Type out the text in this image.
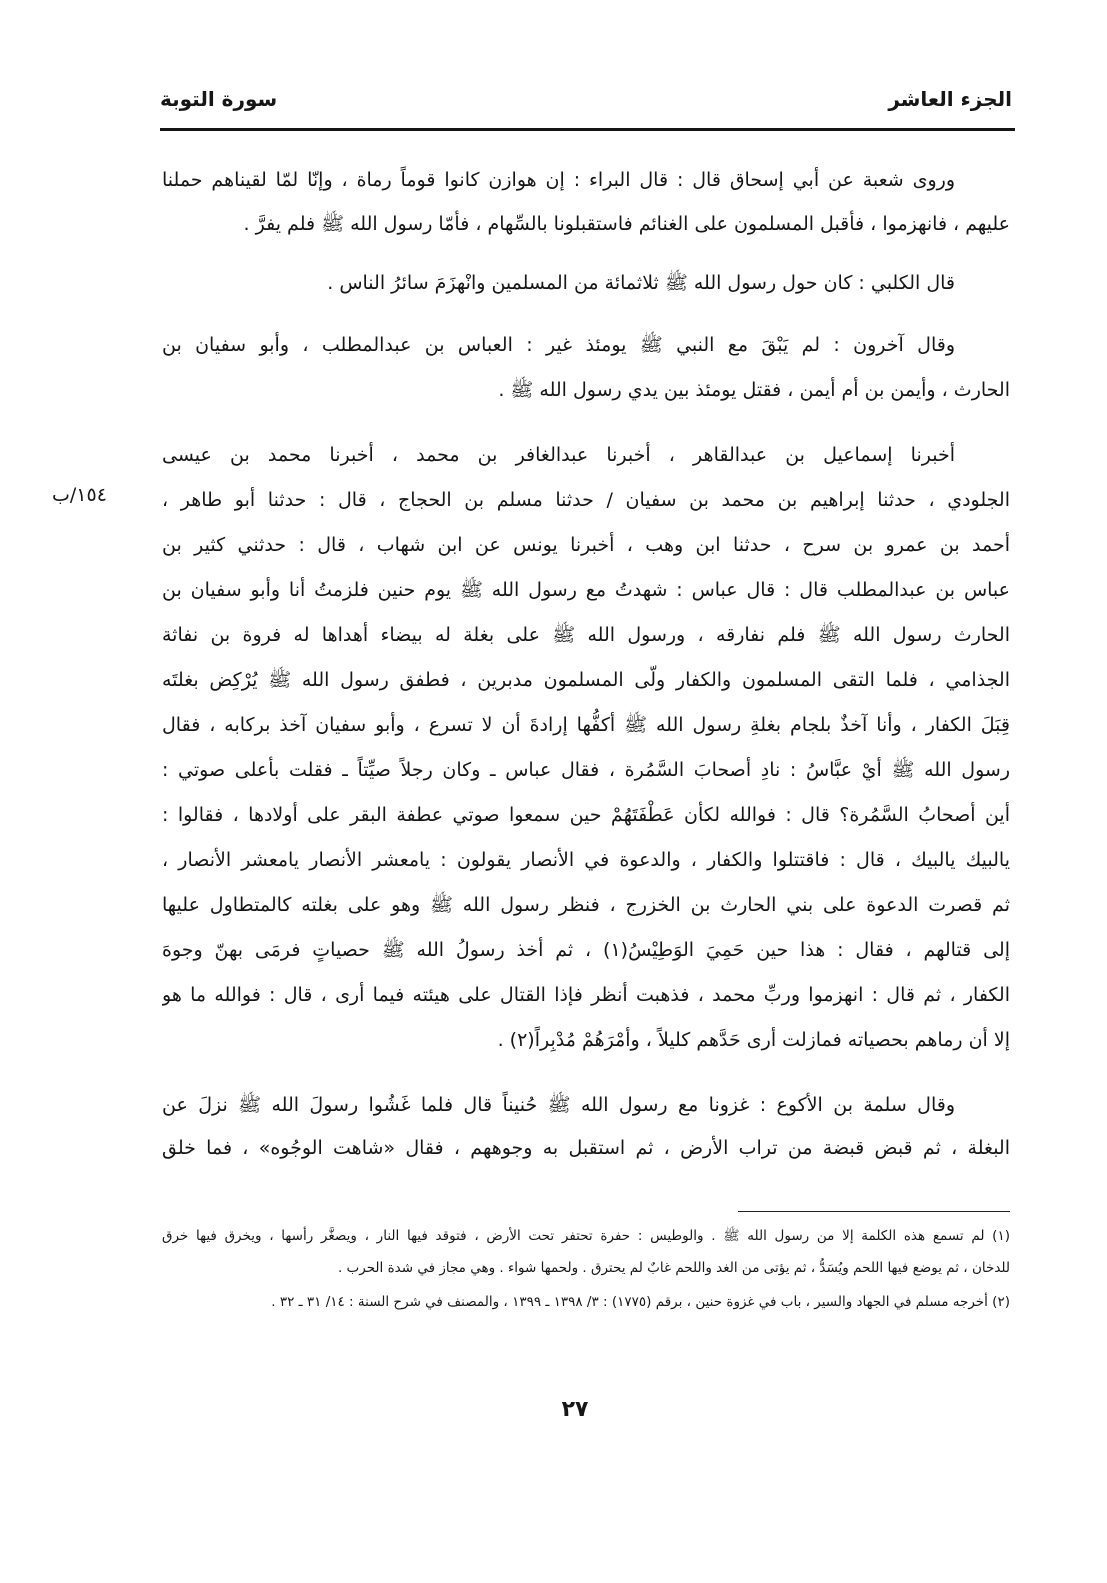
الجزء العاشر
سورة التوبة
١٥٤/ب
وروى شعبة عن أبي إسحاق قال : قال البراء : إن هوازن كانوا قوماً رماة ، وإنّا لمّا لقيناهم حملنا
عليهم ، فانهزموا ، فأقبل المسلمون على الغنائم فاستقبلونا بالسِّهام ، فأمّا رسول الله ﷺ فلم يفرَّ .
قال الكلبي : كان حول رسول الله ﷺ ثلاثمائة من المسلمين وانْهزَمَ سائرُ الناس .
وقال آخرون : لم يَبْقَ مع النبي ﷺ يومئذ غير : العباس بن عبدالمطلب ، وأبو سفيان بن
الحارث ، وأيمن بن أم أيمن ، فقتل يومئذ بين يدي رسول الله ﷺ .
أخبرنا إسماعيل بن عبدالقاهر ، أخبرنا عبدالغافر بن محمد ، أخبرنا محمد بن عيسى
الجلودي ، حدثنا إبراهيم بن محمد بن سفيان / حدثنا مسلم بن الحجاج ، قال : حدثنا أبو طاهر ،
أحمد بن عمرو بن سرح ، حدثنا ابن وهب ، أخبرنا يونس عن ابن شهاب ، قال : حدثني كثير بن
عباس بن عبدالمطلب قال : قال عباس : شهدتُ مع رسول الله ﷺ يوم حنين فلزمتُ أنا وأبو سفيان بن
الحارث رسول الله ﷺ فلم نفارقه ، ورسول الله ﷺ على بغلة له بيضاء أهداها له فروة بن نفاثة
الجذامي ، فلما التقى المسلمون والكفار ولّى المسلمون مدبرين ، فطفق رسول الله ﷺ يُرْكِض بغلتَه
قِبَلَ الكفار ، وأنا آخذٌ بلجام بغلةِ رسول الله ﷺ أكفُّها إرادةَ أن لا تسرع ، وأبو سفيان آخذ بركابه ، فقال
رسول الله ﷺ أيْ عبَّاسُ : نادِ أصحابَ السَّمُرة ، فقال عباس ـ وكان رجلاً صيِّتاً ـ فقلت بأعلى صوتي :
أين أصحابُ السَّمُرة؟ قال : فوالله لكأن عَطْفَتَهُمْ حين سمعوا صوتي عطفة البقر على أولادها ، فقالوا :
يالبيك يالبيك ، قال : فاقتتلوا والكفار ، والدعوة في الأنصار يقولون : يامعشر الأنصار يامعشر الأنصار ،
ثم قصرت الدعوة على بني الحارث بن الخزرج ، فنظر رسول الله ﷺ وهو على بغلته كالمتطاول عليها
إلى قتالهم ، فقال : هذا حين حَمِيَ الوَطِيْسُ(١) ، ثم أخذ رسولُ الله ﷺ حصياتٍ فرمَى بهنّ وجوهَ
الكفار ، ثم قال : انهزموا وربِّ محمد ، فذهبت أنظر فإذا القتال على هيئته فيما أرى ، قال : فوالله ما هو
إلا أن رماهم بحصياته فمازلت أرى حَدَّهم كليلاً ، وأمْرَهُمْ مُدْبِراً(٢) .
وقال سلمة بن الأكوع : غزونا مع رسول الله ﷺ حُنيناً قال فلما غَشُوا رسولَ الله ﷺ نزلَ عن
البغلة ، ثم قبض قبضة من تراب الأرض ، ثم استقبل به وجوههم ، فقال «شاهت الوجُوه» ، فما خلق
(١) لم تسمع هذه الكلمة إلا من رسول الله ﷺ . والوطيس : حفرة تحتفر تحت الأرض ، فتوقد فيها النار ، ويصغَّر رأسها ، ويخرق فيها خرق
للدخان ، ثم يوضع فيها اللحم ويُسَدُّ ، ثم يؤتى من الغد واللحم غابٌ لم يحترق . ولحمها شواء . وهي مجاز في شدة الحرب .
(٢) أخرجه مسلم في الجهاد والسير ، باب في غزوة حنين ، برقم (١٧٧٥) : ٣/ ١٣٩٨ ـ ١٣٩٩ ، والمصنف في شرح السنة : ١٤/ ٣١ ـ ٣٢ .
٢٧
